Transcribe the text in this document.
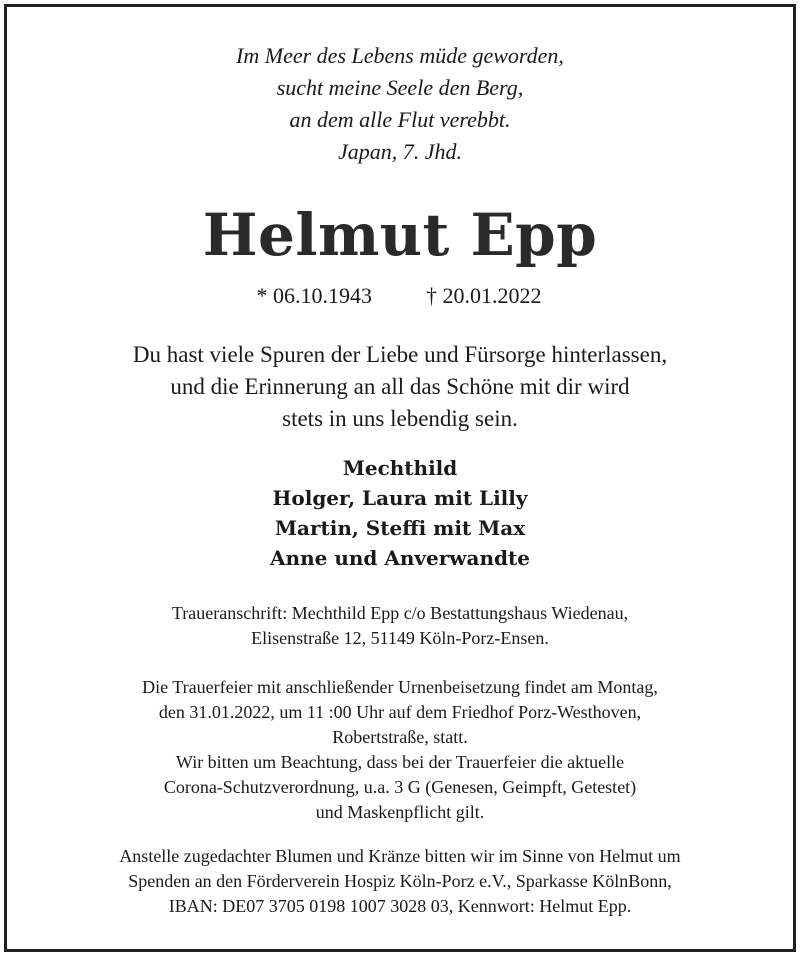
Im Meer des Lebens müde geworden,
sucht meine Seele den Berg,
an dem alle Flut verebbt.
Japan, 7. Jhd.
Helmut Epp
* 06.10.1943 † 20.01.2022
Du hast viele Spuren der Liebe und Fürsorge hinterlassen,
und die Erinnerung an all das Schöne mit dir wird
stets in uns lebendig sein.
Mechthild
Holger, Laura mit Lilly
Martin, Steffi mit Max
Anne und Anverwandte
Traueranschrift: Mechthild Epp c/o Bestattungshaus Wiedenau,
Elisenstraße 12, 51149 Köln-Porz-Ensen.
Die Trauerfeier mit anschließender Urnenbeisetzung findet am Montag,
den 31.01.2022, um 11 :00 Uhr auf dem Friedhof Porz-Westhoven,
Robertstraße, statt.
Wir bitten um Beachtung, dass bei der Trauerfeier die aktuelle
Corona-Schutzverordnung, u.a. 3 G (Genesen, Geimpft, Getestet)
und Maskenpflicht gilt.
Anstelle zugedachter Blumen und Kränze bitten wir im Sinne von Helmut um
Spenden an den Förderverein Hospiz Köln-Porz e.V., Sparkasse KölnBonn,
IBAN: DE07 3705 0198 1007 3028 03, Kennwort: Helmut Epp.
